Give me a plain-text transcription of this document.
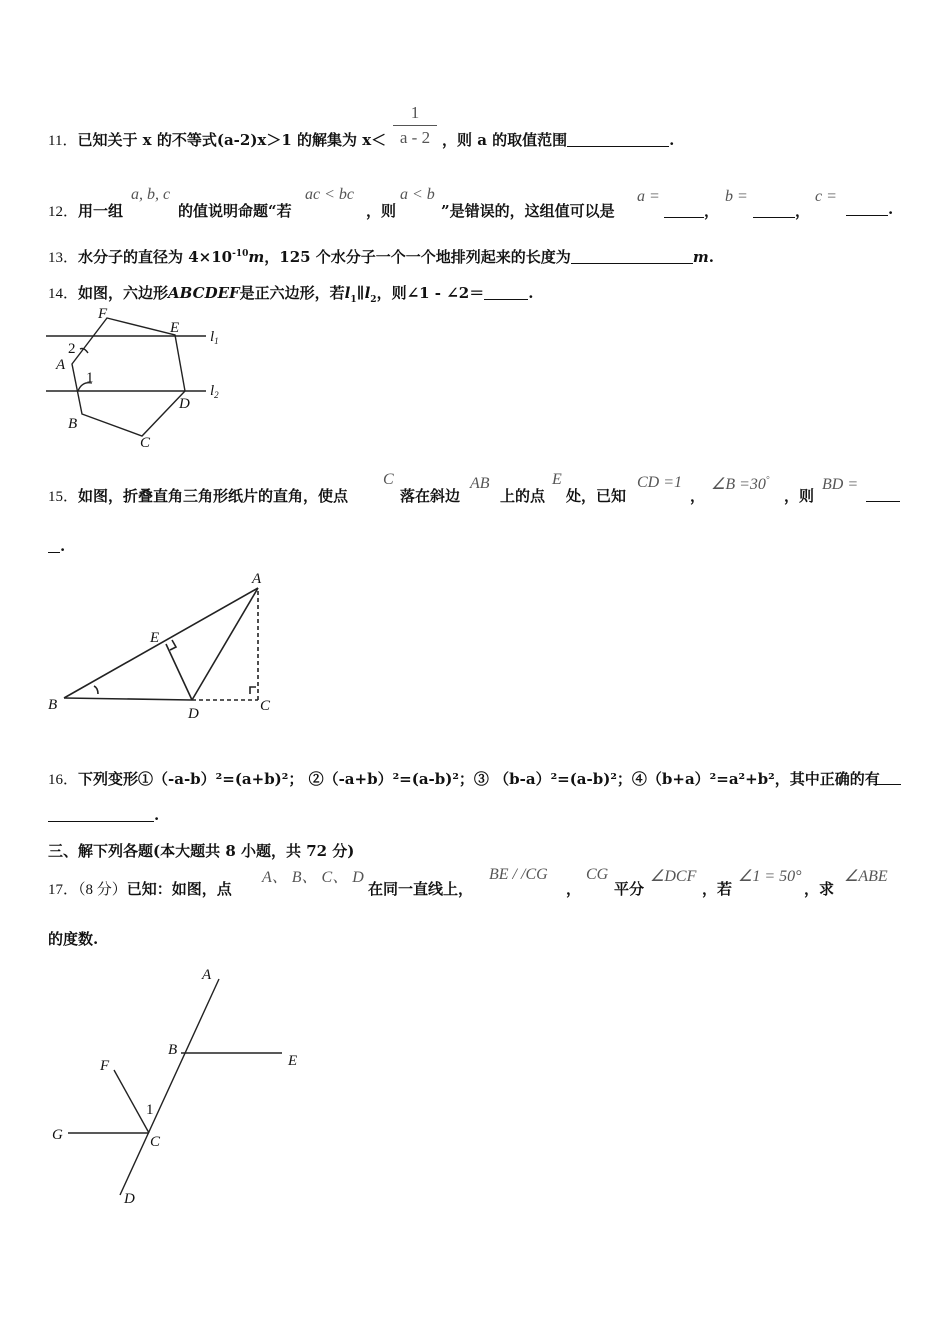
11．已知关于 x 的不等式(a-2)x＞1 的解集为 x＜
1
a - 2 ，则 a 的取值范围	.
12．用一组
a, b, c
的值说明命题“若
ac < bc
，则
a < b
”是错误的，这组值可以是
a =
，
b =
，
c =
.
13．水分子的直径为 $4\times 10^{-10}m$，125 个水分子一个一个地排列起来的长度为	m.
14．如图，六边形ABCDEF是正六边形，若$l_1\parallel l_2$，则∠1 - ∠2＝	.
F
E
A
D
B
C
1
2
$l_1$
$l_2$
15．如图，折叠直角三角形纸片的直角，使点
C
落在斜边
AB
上的点
E
处，已知
CD =1
，
∠B =30°
，则
BD =
.
A
E
B
D	C
16．下列变形①（-a-b）²=(a+b)²； ②（-a+b）²=(a-b)²；③ （b-a）²=(a-b)²；④（b+a）²=a²+b²，其中正确的有
.
三、解下列各题(本大题共 8 小题，共 72 分)
17．（8 分）已知：如图，点
A、 B、 C、 D
在同一直线上，
BE / /CG
，
CG
平分
∠DCF
，若
∠1 = 50°
，求
∠ABE
的度数.
A
B
E
F
1
G	C
D
